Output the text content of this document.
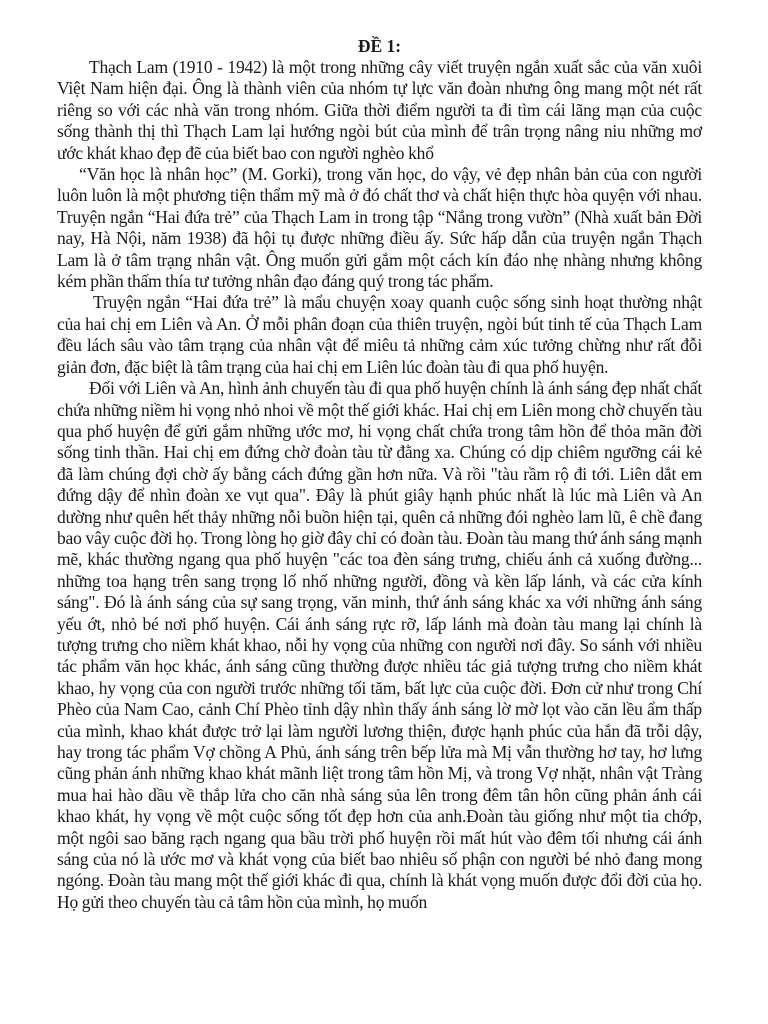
ĐỀ 1:

Thạch Lam (1910 - 1942) là một trong những cây viết truyện ngắn xuất sắc của văn xuôi Việt Nam hiện đại. Ông là thành viên của nhóm tự lực văn đoàn nhưng ông mang một nét rất riêng so với các nhà văn trong nhóm. Giữa thời điểm người ta đi tìm cái lãng mạn của cuộc sống thành thị thì Thạch Lam lại hướng ngòi bút của mình để trân trọng nâng niu những mơ ước khát khao đẹp đẽ của biết bao con người nghèo khổ

“Văn học là nhân học” (M. Gorki), trong văn học, do vậy, vẻ đẹp nhân bản của con người luôn luôn là một phương tiện thẩm mỹ mà ở đó chất thơ và chất hiện thực hòa quyện với nhau. Truyện ngắn “Hai đứa trẻ” của Thạch Lam in trong tập “Nắng trong vườn” (Nhà xuất bản Đời nay, Hà Nội, năm 1938) đã hội tụ được những điều ấy. Sức hấp dẫn của truyện ngắn Thạch Lam là ở tâm trạng nhân vật. Ông muốn gửi gắm một cách kín đáo nhẹ nhàng nhưng không kém phần thấm thía tư tưởng nhân đạo đáng quý trong tác phẩm.

Truyện ngắn “Hai đứa trẻ” là mẩu chuyện xoay quanh cuộc sống sinh hoạt thường nhật của hai chị em Liên và An. Ở mỗi phân đoạn của thiên truyện, ngòi bút tinh tế của Thạch Lam đều lách sâu vào tâm trạng của nhân vật để miêu tả những cảm xúc tưởng chừng như rất đỗi giản đơn, đặc biệt là tâm trạng của hai chị em Liên lúc đoàn tàu đi qua phố huyện.

Đối với Liên và An, hình ảnh chuyến tàu đi qua phố huyện chính là ánh sáng đẹp nhất chất chứa những niềm hi vọng nhỏ nhoi về một thế giới khác. Hai chị em Liên mong chờ chuyến tàu qua phố huyện để gửi gắm những ước mơ, hi vọng chất chứa trong tâm hồn để thỏa mãn đời sống tinh thần. Hai chị em đứng chờ đoàn tàu từ đằng xa. Chúng có dịp chiêm ngưỡng cái kẻ đã làm chúng đợi chờ ấy bằng cách đứng gần hơn nữa. Và rồi "tàu rầm rộ đi tới. Liên dắt em đứng dậy để nhìn đoàn xe vụt qua". Đây là phút giây hạnh phúc nhất là lúc mà Liên và An dường như quên hết thảy những nỗi buồn hiện tại, quên cả những đói nghèo lam lũ, ê chề đang bao vây cuộc đời họ. Trong lòng họ giờ đây chỉ có đoàn tàu. Đoàn tàu mang thứ ánh sáng mạnh mẽ, khác thường ngang qua phố huyện "các toa đèn sáng trưng, chiếu ánh cả xuống đường... những toa hạng trên sang trọng lố nhố những người, đồng và kền lấp lánh, và các cửa kính sáng". Đó là ánh sáng của sự sang trọng, văn minh, thứ ánh sáng khác xa với những ánh sáng yếu ớt, nhỏ bé nơi phố huyện. Cái ánh sáng rực rỡ, lấp lánh mà đoàn tàu mang lại chính là tượng trưng cho niềm khát khao, nỗi hy vọng của những con người nơi đây. So sánh với nhiều tác phẩm văn học khác, ánh sáng cũng thường được nhiều tác giả tượng trưng cho niềm khát khao, hy vọng của con người trước những tối tăm, bất lực của cuộc đời. Đơn cử như trong Chí Phèo của Nam Cao, cảnh Chí Phèo tỉnh dậy nhìn thấy ánh sáng lờ mờ lọt vào căn lều ẩm thấp của mình, khao khát được trở lại làm người lương thiện, được hạnh phúc của hắn đã trỗi dậy, hay trong tác phẩm Vợ chồng A Phủ, ánh sáng trên bếp lửa mà Mị vẫn thường hơ tay, hơ lưng cũng phản ánh những khao khát mãnh liệt trong tâm hồn Mị, và trong Vợ nhặt, nhân vật Tràng mua hai hào dầu về thắp lửa cho căn nhà sáng sủa lên trong đêm tân hôn cũng phản ánh cái khao khát, hy vọng về một cuộc sống tốt đẹp hơn của anh.Đoàn tàu giống như một tia chớp, một ngôi sao băng rạch ngang qua bầu trời phố huyện rồi mất hút vào đêm tối nhưng cái ánh sáng của nó là ước mơ và khát vọng của biết bao nhiêu số phận con người bé nhỏ đang mong ngóng. Đoàn tàu mang một thế giới khác đi qua, chính là khát vọng muốn được đổi đời của họ. Họ gửi theo chuyến tàu cả tâm hồn của mình, họ muốn
